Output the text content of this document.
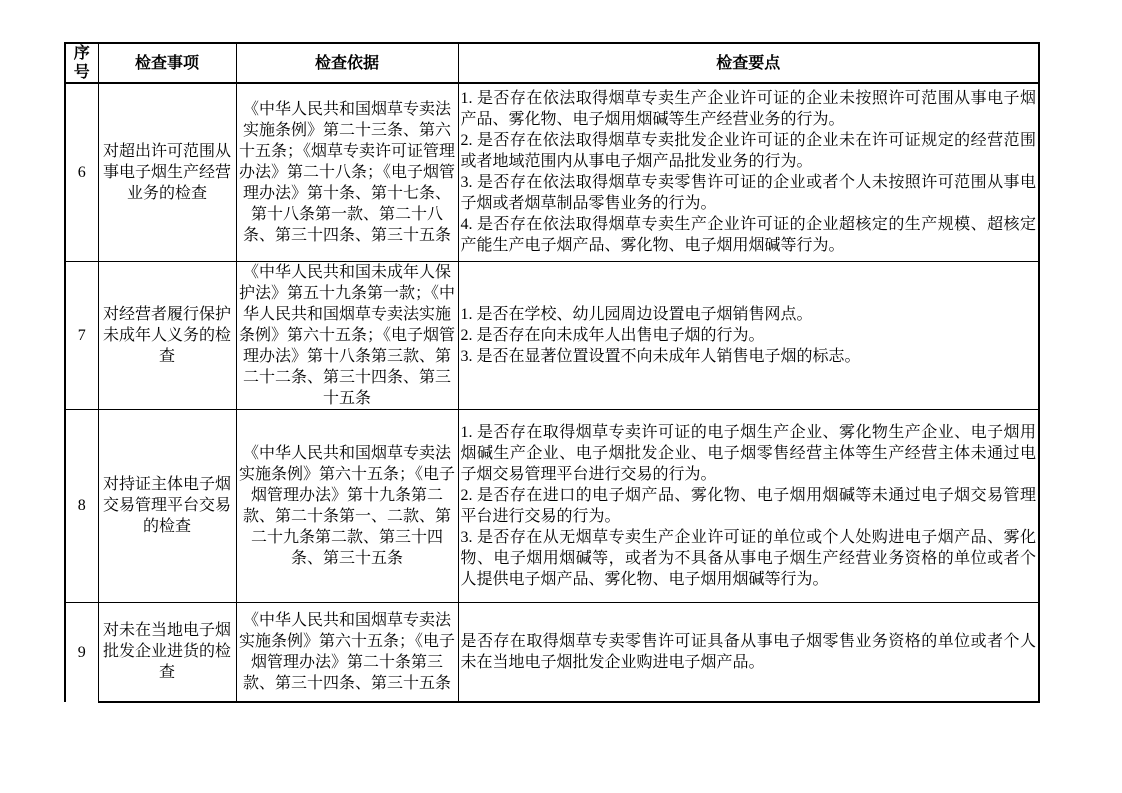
序号	检查事项	检查依据	检查要点
6	对超出许可范围从事电子烟生产经营业务的检查	《中华人民共和国烟草专卖法实施条例》第二十三条、第六十五条；《烟草专卖许可证管理办法》第二十八条；《电子烟管理办法》第十条、第十七条、第十八条第一款、第二十八条、第三十四条、第三十五条	1. 是否存在依法取得烟草专卖生产企业许可证的企业未按照许可范围从事电子烟产品、雾化物、电子烟用烟碱等生产经营业务的行为。
2. 是否存在依法取得烟草专卖批发企业许可证的企业未在许可证规定的经营范围或者地域范围内从事电子烟产品批发业务的行为。
3. 是否存在依法取得烟草专卖零售许可证的企业或者个人未按照许可范围从事电子烟或者烟草制品零售业务的行为。
4. 是否存在依法取得烟草专卖生产企业许可证的企业超核定的生产规模、超核定产能生产电子烟产品、雾化物、电子烟用烟碱等行为。

7	对经营者履行保护未成年人义务的检查	《中华人民共和国未成年人保护法》第五十九条第一款；《中华人民共和国烟草专卖法实施条例》第六十五条；《电子烟管理办法》第十八条第三款、第二十二条、第三十四条、第三十五条	1. 是否在学校、幼儿园周边设置电子烟销售网点。
2. 是否存在向未成年人出售电子烟的行为。
3. 是否在显著位置设置不向未成年人销售电子烟的标志。

8	对持证主体电子烟交易管理平台交易的检查	《中华人民共和国烟草专卖法实施条例》第六十五条；《电子烟管理办法》第十九条第二款、第二十条第一、二款、第二十九条第二款、第三十四条、第三十五条	1. 是否存在取得烟草专卖许可证的电子烟生产企业、雾化物生产企业、电子烟用烟碱生产企业、电子烟批发企业、电子烟零售经营主体等生产经营主体未通过电子烟交易管理平台进行交易的行为。
2. 是否存在进口的电子烟产品、雾化物、电子烟用烟碱等未通过电子烟交易管理平台进行交易的行为。
3. 是否存在从无烟草专卖生产企业许可证的单位或个人处购进电子烟产品、雾化物、电子烟用烟碱等，或者为不具备从事电子烟生产经营业务资格的单位或者个人提供电子烟产品、雾化物、电子烟用烟碱等行为。

9	对未在当地电子烟批发企业进货的检查	《中华人民共和国烟草专卖法实施条例》第六十五条；《电子烟管理办法》第二十条第三款、第三十四条、第三十五条	是否存在取得烟草专卖零售许可证具备从事电子烟零售业务资格的单位或者个人未在当地电子烟批发企业购进电子烟产品。
